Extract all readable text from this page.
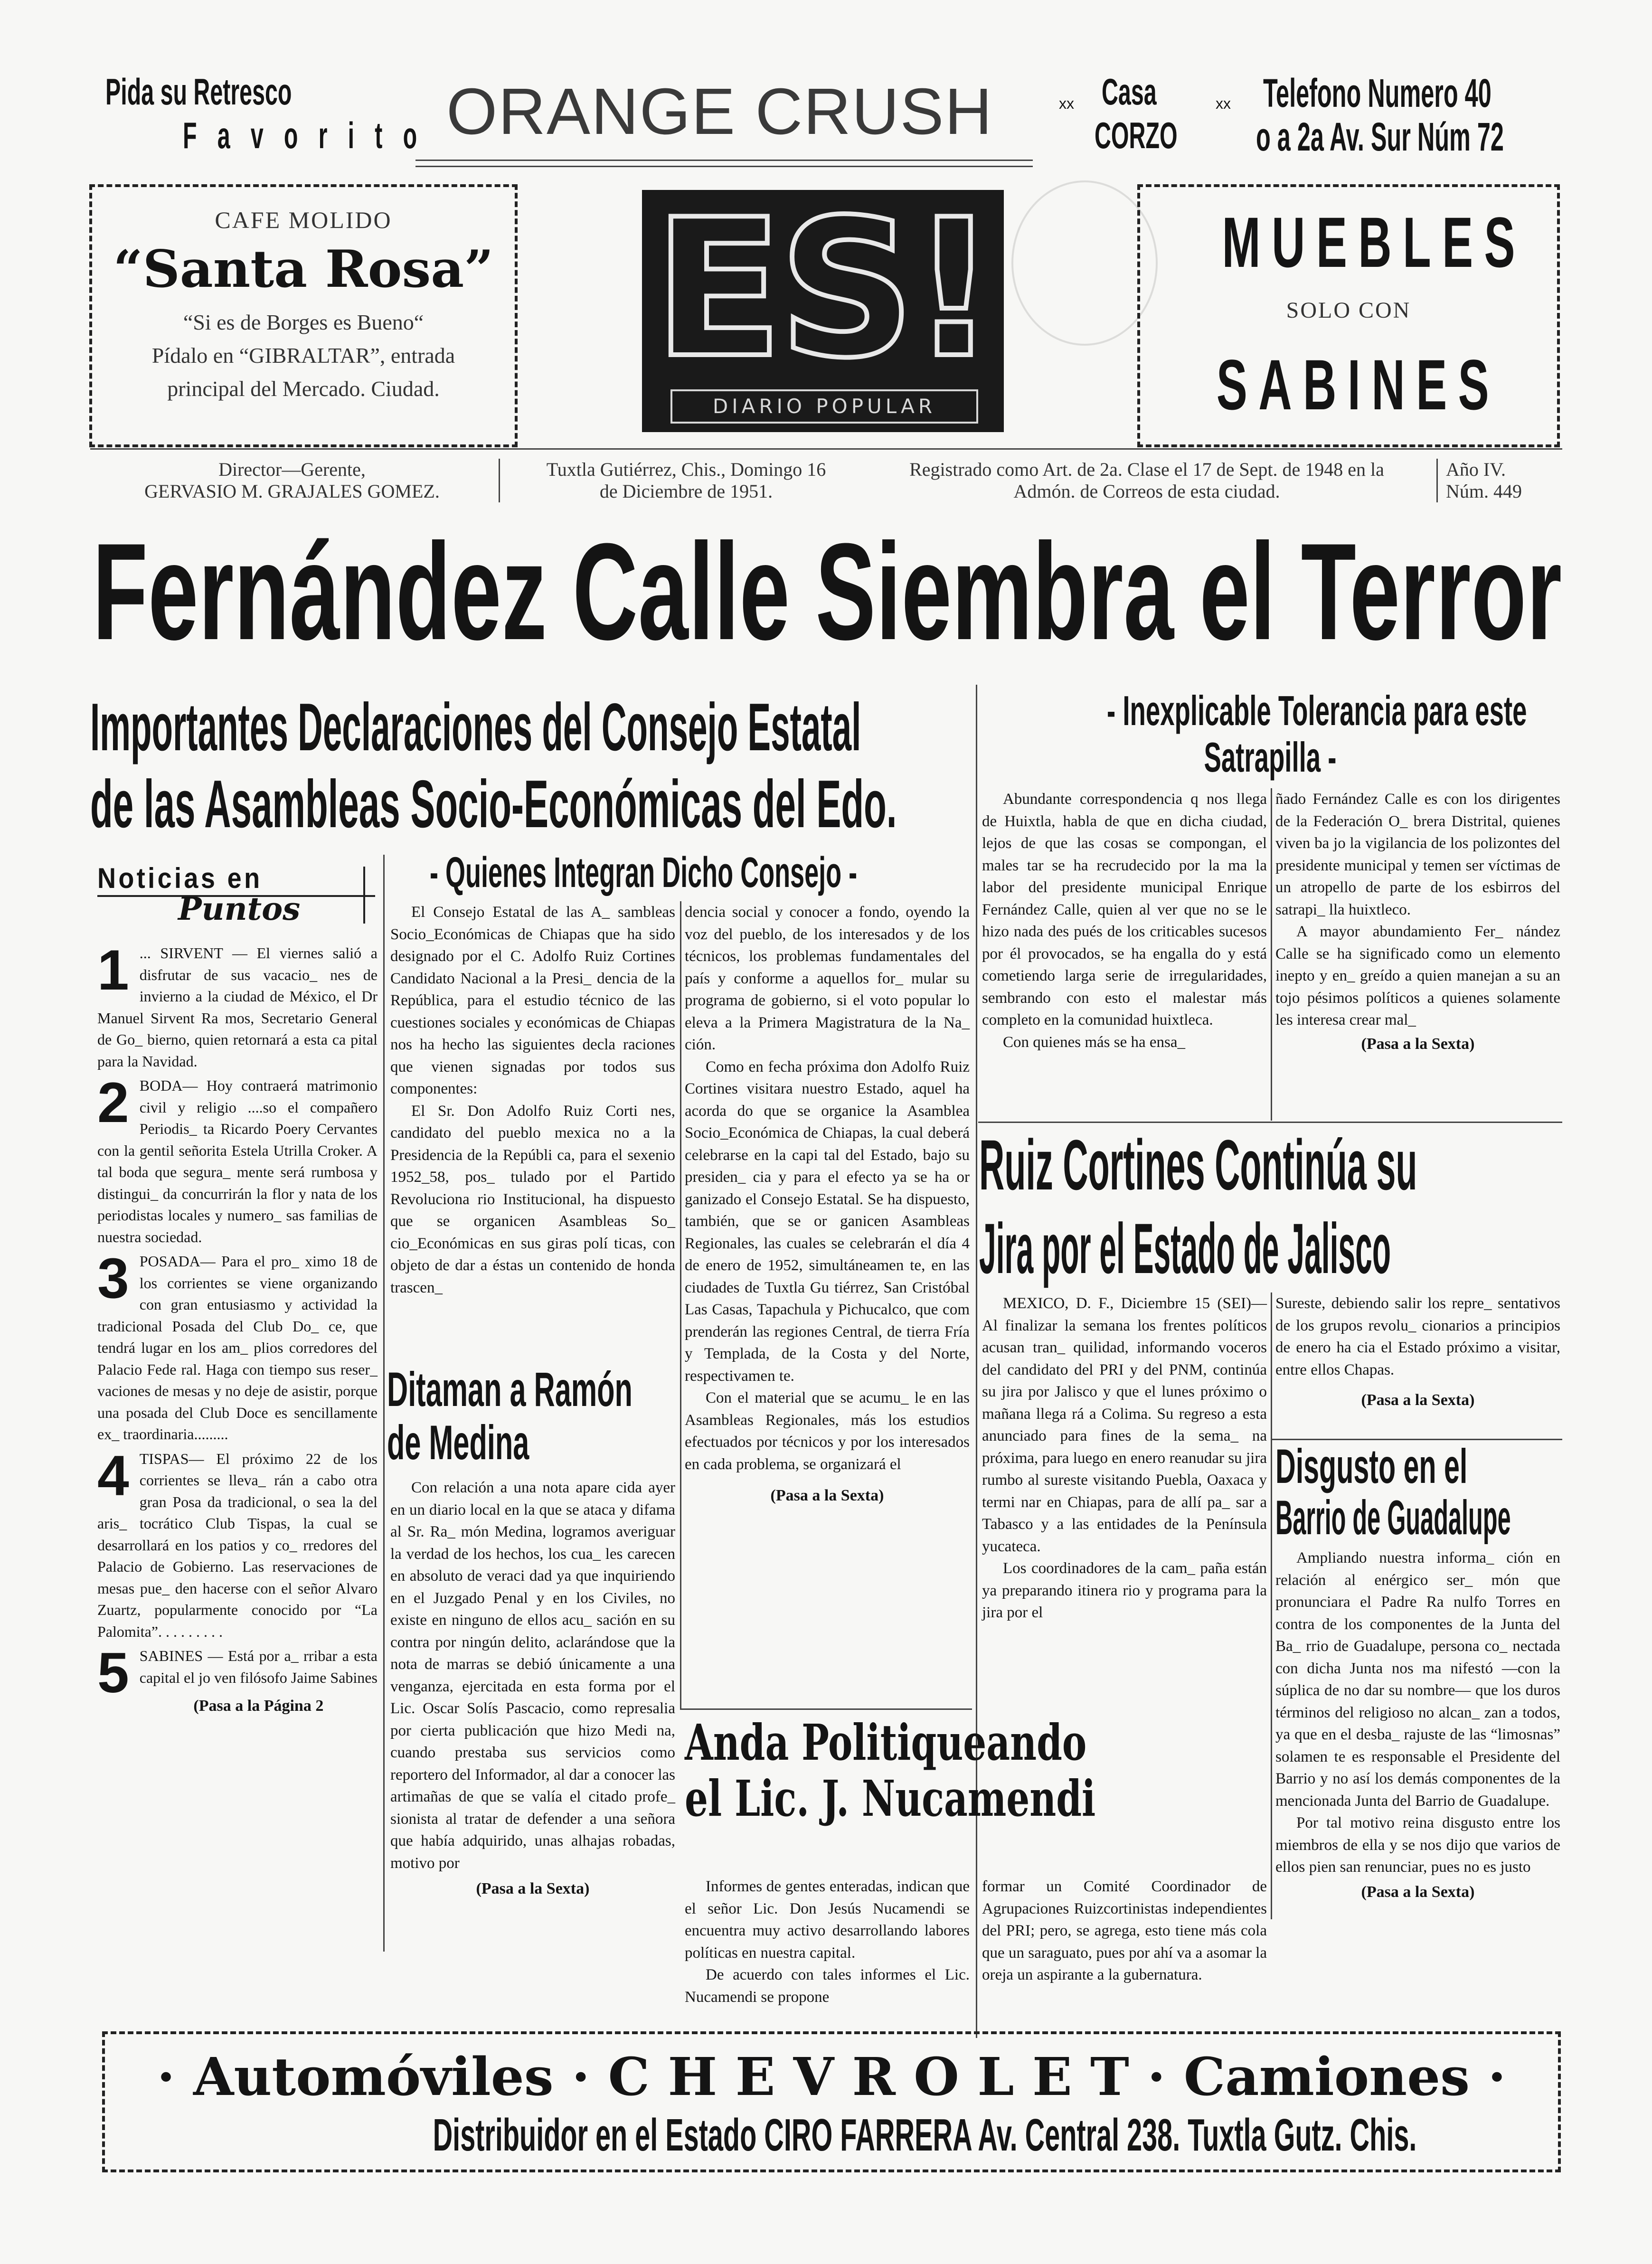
Pida su Retresco
F a v o r i t o ORANGE CRUSH	xx Casa
CORZO
xx Telefono Numero 40
o a 2a Av. Sur Núm 72
CAFE MOLIDO
“Santa Rosa”
“Si es de Borges es Bueno“
Pídalo en “GIBRALTAR”, entrada
principal del Mercado. Ciudad.	ES!
DIARIO POPULAR
MUEBLES
SOLO CON
SABINES
Director—Gerente,
GERVASIO M. GRAJALES GOMEZ.
Tuxtla Gutiérrez, Chis., Domingo 16
de Diciembre de 1951.
Registrado como Art. de 2a. Clase el 17 de Sept. de 1948 en la
Admón. de Correos de esta ciudad.
Año IV.
Núm. 449
Fernández Calle Siembra el Terror
Importantes Declaraciones del Consejo Estatal
de las Asambleas Socio-Económicas del Edo.
Noticias en
Puntos
1 ... SIRVENT — El viernes salió a disfrutar de sus vacacio_ nes de invierno a la ciudad de México, el Dr Manuel Sirvent Ra mos, Secretario General de Go_ bierno, quien retornará a esta ca pital para la Navidad.
2 BODA— Hoy contraerá matrimonio civil y religio ....so el compañero Periodis_ ta Ricardo Poery Cervantes con la gentil señorita Estela Utrilla Croker. A tal boda que segura_ mente será rumbosa y distingui_ da concurrirán la flor y nata de los periodistas locales y numero_ sas familias de nuestra sociedad.
3 POSADA— Para el pro_ ximo 18 de los corrientes se viene organizando con gran entusiasmo y actividad la tradicional Posada del Club Do_ ce, que tendrá lugar en los am_ plios corredores del Palacio Fede ral. Haga con tiempo sus reser_ vaciones de mesas y no deje de asistir, porque una posada del Club Doce es sencillamente ex_ traordinaria.........
4 TISPAS— El próximo 22 de los corrientes se lleva_ rán a cabo otra gran Posa da tradicional, o sea la del aris_ tocrático Club Tispas, la cual se desarrollará en los patios y co_ rredores del Palacio de Gobierno. Las reservaciones de mesas pue_ den hacerse con el señor Alvaro Zuartz, popularmente conocido por “La Palomita”. . . . . . . . .
5 SABINES — Está por a_ rribar a esta capital el jo ven filósofo Jaime Sabines
(Pasa a la Página 2
- Quienes Integran Dicho Consejo -

El Consejo Estatal de las A_ sambleas Socio_Económicas de Chiapas que ha sido designado por el C. Adolfo Ruiz Cortines Candidato Nacional a la Presi_ dencia de la República, para el estudio técnico de las cuestiones sociales y económicas de Chiapas nos ha hecho las siguientes decla raciones que vienen signadas por todos sus componentes:

El Sr. Don Adolfo Ruiz Corti nes, candidato del pueblo mexica no a la Presidencia de la Repúbli ca, para el sexenio 1952_58, pos_ tulado por el Partido Revoluciona rio Institucional, ha dispuesto que se organicen Asambleas So_ cio_Económicas en sus giras polí ticas, con objeto de dar a éstas un contenido de honda trascen_

dencia social y conocer a fondo, oyendo la voz del pueblo, de los interesados y de los técnicos, los problemas fundamentales del país y conforme a aquellos for_ mular su programa de gobierno, si el voto popular lo eleva a la Primera Magistratura de la Na_ ción.

Como en fecha próxima don Adolfo Ruiz Cortines visitara nuestro Estado, aquel ha acorda do que se organice la Asamblea Socio_Económica de Chiapas, la cual deberá celebrarse en la capi tal del Estado, bajo su presiden_ cia y para el efecto ya se ha or ganizado el Consejo Estatal. Se ha dispuesto, también, que se or ganicen Asambleas Regionales, las cuales se celebrarán el día 4 de enero de 1952, simultáneamen te, en las ciudades de Tuxtla Gu tiérrez, San Cristóbal Las Casas, Tapachula y Pichucalco, que com prenderán las regiones Central, de tierra Fría y Templada, de la Costa y del Norte, respectivamen te.

Con el material que se acumu_ le en las Asambleas Regionales, más los estudios efectuados por técnicos y por los interesados en cada problema, se organizará el

(Pasa a la Sexta)
Ditaman a Ramón
de Medina

Con relación a una nota apare cida ayer en un diario local en la que se ataca y difama al Sr. Ra_ món Medina, logramos averiguar la verdad de los hechos, los cua_ les carecen en absoluto de veraci dad ya que inquiriendo en el Juzgado Penal y en los Civiles, no existe en ninguno de ellos acu_ sación en su contra por ningún delito, aclarándose que la nota de marras se debió únicamente a una venganza, ejercitada en esta forma por el Lic. Oscar Solís Pascacio, como represalia por cierta publicación que hizo Medi na, cuando prestaba sus servicios como reportero del Informador, al dar a conocer las artimañas de que se valía el citado profe_ sionista al tratar de defender a una señora que había adquirido, unas alhajas robadas, motivo por

(Pasa a la Sexta)
Anda Politiqueando
el Lic. J. Nucamendi

Informes de gentes enteradas, indican que el señor Lic. Don Jesús Nucamendi se encuentra muy activo desarrollando labores políticas en nuestra capital.

De acuerdo con tales informes el Lic. Nucamendi se propone

formar un Comité Coordinador de Agrupaciones Ruizcortinistas independientes del PRI; pero, se agrega, esto tiene más cola que un saraguato, pues por ahí va a asomar la oreja un aspirante a la gubernatura.

- Inexplicable Tolerancia para este
Satrapilla -

Abundante correspondencia q nos llega de Huixtla, habla de que en dicha ciudad, lejos de que las cosas se compongan, el males tar se ha recrudecido por la ma la labor del presidente municipal Enrique Fernández Calle, quien al ver que no se le hizo nada des pués de los criticables sucesos por él provocados, se ha engalla do y está cometiendo larga serie de irregularidades, sembrando con esto el malestar más completo en la comunidad huixtleca.

Con quienes más se ha ensa_

ñado Fernández Calle es con los dirigentes de la Federación O_ brera Distrital, quienes viven ba jo la vigilancia de los polizontes del presidente municipal y temen ser víctimas de un atropello de parte de los esbirros del satrapi_ lla huixtleco.

A mayor abundamiento Fer_ nández Calle se ha significado como un elemento inepto y en_ greído a quien manejan a su an tojo pésimos políticos a quienes solamente les interesa crear mal_

(Pasa a la Sexta)
Ruiz Cortines Continúa su
Jira por el Estado de Jalisco

MEXICO, D. F., Diciembre 15 (SEI)— Al finalizar la semana los frentes políticos acusan tran_ quilidad, informando voceros del candidato del PRI y del PNM, continúa su jira por Jalisco y que el lunes próximo o mañana llega rá a Colima. Su regreso a esta anunciado para fines de la sema_ na próxima, para luego en enero reanudar su jira rumbo al sureste visitando Puebla, Oaxaca y termi nar en Chiapas, para de allí pa_ sar a Tabasco y a las entidades de la Península yucateca.

Los coordinadores de la cam_ paña están ya preparando itinera rio y programa para la jira por el

Sureste, debiendo salir los repre_ sentativos de los grupos revolu_ cionarios a principios de enero ha cia el Estado próximo a visitar, entre ellos Chapas.

(Pasa a la Sexta)
Disgusto en el
Barrio de Guadalupe

Ampliando nuestra informa_ ción en relación al enérgico ser_ món que pronunciara el Padre Ra nulfo Torres en contra de los componentes de la Junta del Ba_ rrio de Guadalupe, persona co_ nectada con dicha Junta nos ma nifestó —con la súplica de no dar su nombre— que los duros términos del religioso no alcan_ zan a todos, ya que en el desba_ rajuste de las “limosnas” solamen te es responsable el Presidente del Barrio y no así los demás componentes de la mencionada Junta del Barrio de Guadalupe.

Por tal motivo reina disgusto entre los miembros de ella y se nos dijo que varios de ellos pien san renunciar, pues no es justo

(Pasa a la Sexta)
· Automóviles · C H E V R O L E T · Camiones ·
Distribuidor en el Estado CIRO FARRERA Av. Central 238. Tuxtla Gutz. Chis.
